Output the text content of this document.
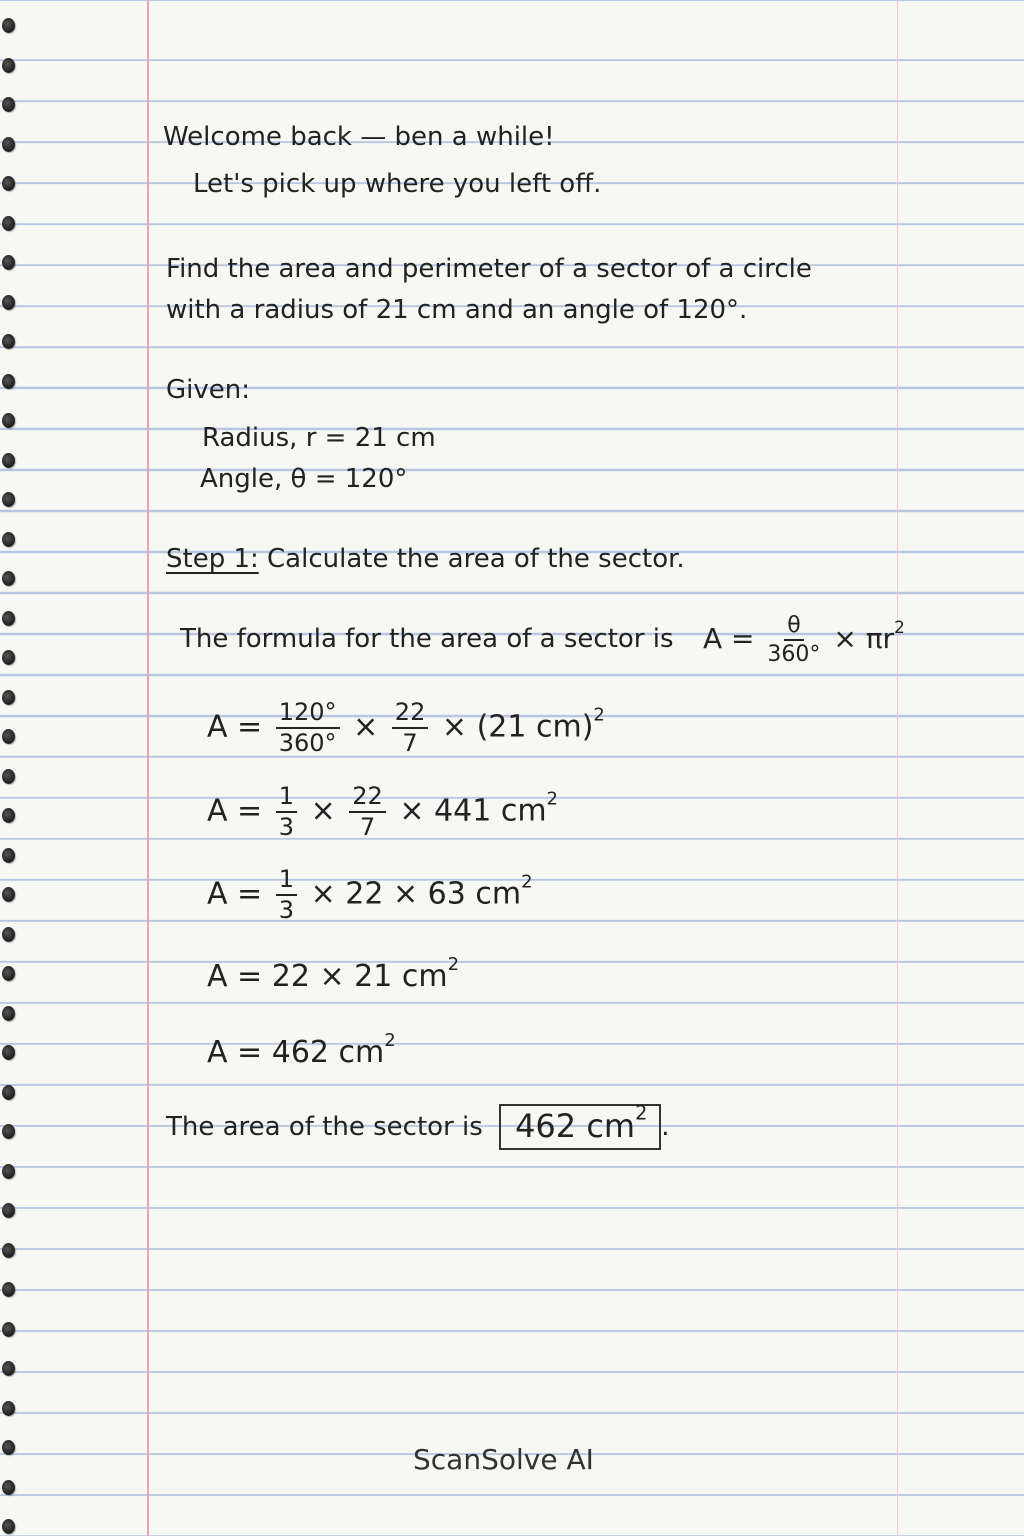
Welcome back — ben a while!
Let's pick up where you left off.
Find the area and perimeter of a sector of a circle
with a radius of 21 cm and an angle of 120°.
Given:
Radius, r = 21 cm
Angle, θ = 120°
Step 1: Calculate the area of the sector.
The formula for the area of a sector is $A = \frac{\theta}{360^\circ} \times \pi r^2$
$A = \frac{120^\circ}{360^\circ} \times \frac{22}{7} \times (21$ cm)$^2$
$A = \frac{1}{3} \times \frac{22}{7} \times 441$ $cm^2$
$A = \frac{1}{3} \times 22 \times 63$ $cm^2$
A = 22 × 21 $cm^2$
A = 462 $cm^2$
The area of the sector is 462 $cm^2$ .
ScanSolve AI
